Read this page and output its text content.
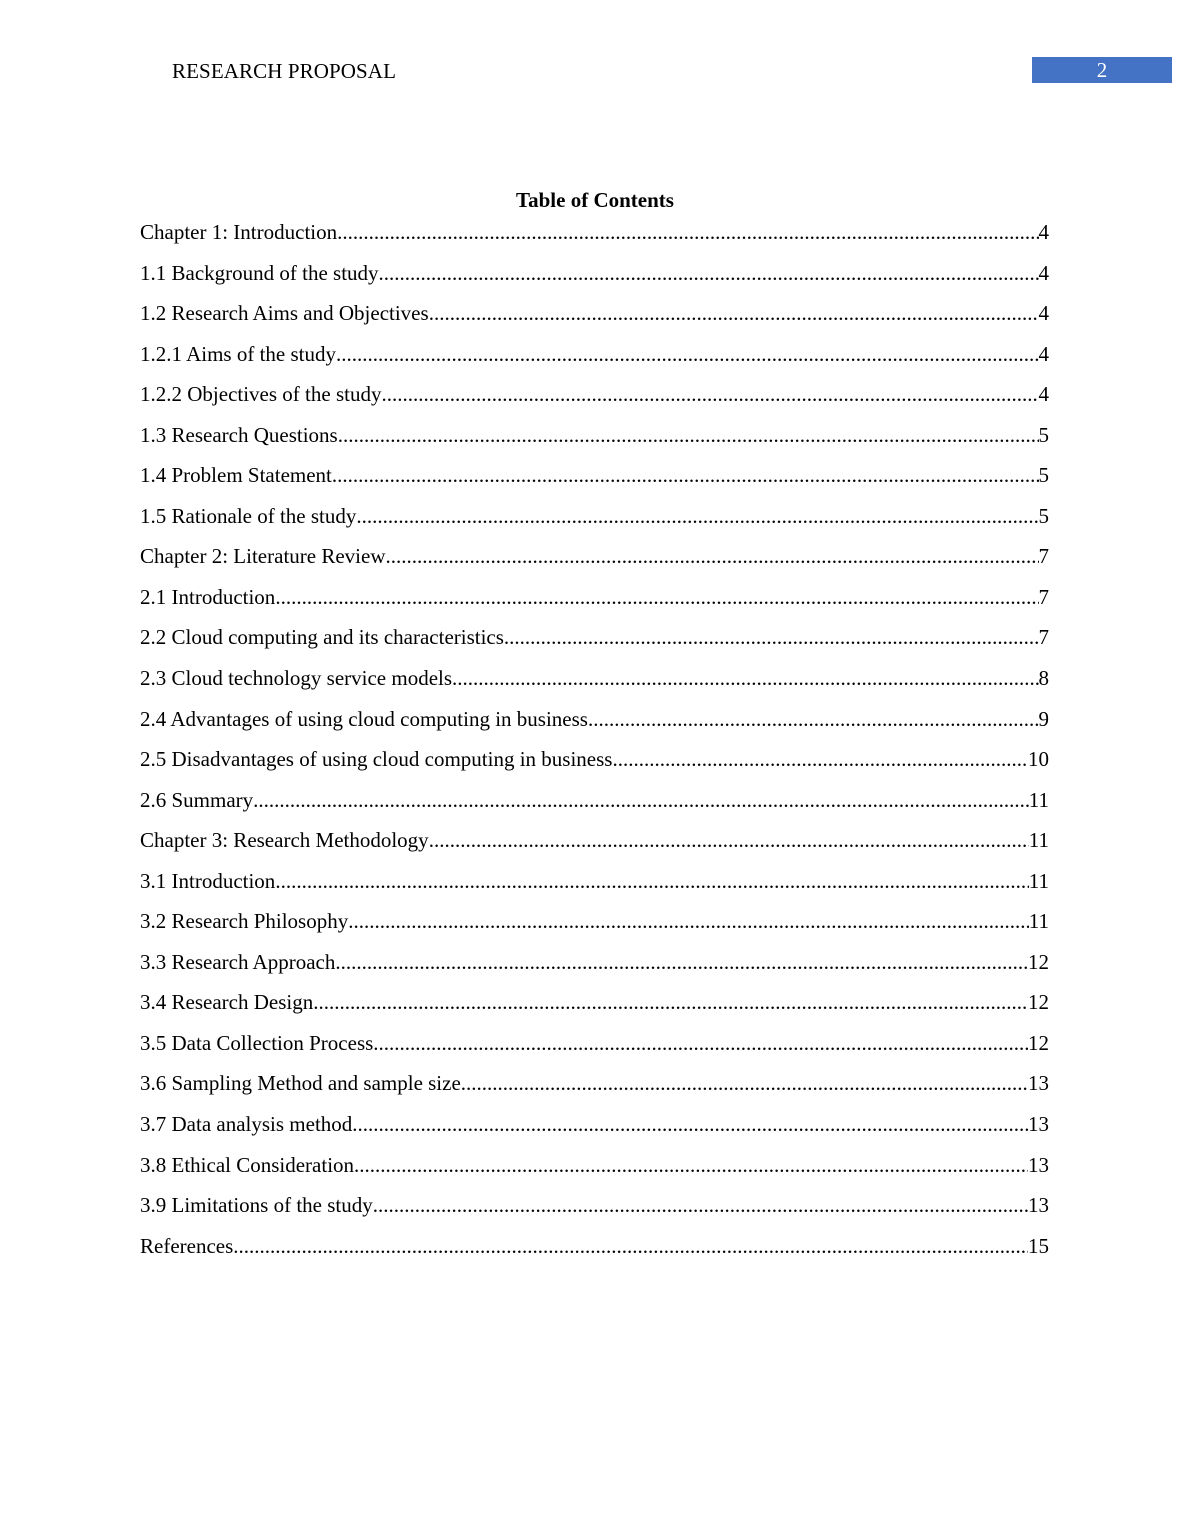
RESEARCH PROPOSAL	2
Table of Contents
Chapter 1: Introduction .....	4
1.1 Background of the study .....	4
1.2 Research Aims and Objectives .....	4
1.2.1 Aims of the study .....	4
1.2.2 Objectives of the study .....	4
1.3 Research Questions .....	5
1.4 Problem Statement .....	5
1.5 Rationale of the study .....	5
Chapter 2: Literature Review .....	7
2.1 Introduction .....	7
2.2 Cloud computing and its characteristics .....	7
2.3 Cloud technology service models .....	8
2.4 Advantages of using cloud computing in business .....	9
2.5 Disadvantages of using cloud computing in business .....	10
2.6 Summary .....	11
Chapter 3: Research Methodology .....	11
3.1 Introduction .....	11
3.2 Research Philosophy .....	11
3.3 Research Approach .....	12
3.4 Research Design .....	12
3.5 Data Collection Process .....	12
3.6 Sampling Method and sample size .....	13
3.7 Data analysis method .....	13
3.8 Ethical Consideration .....	13
3.9 Limitations of the study .....	13
References .....	15
